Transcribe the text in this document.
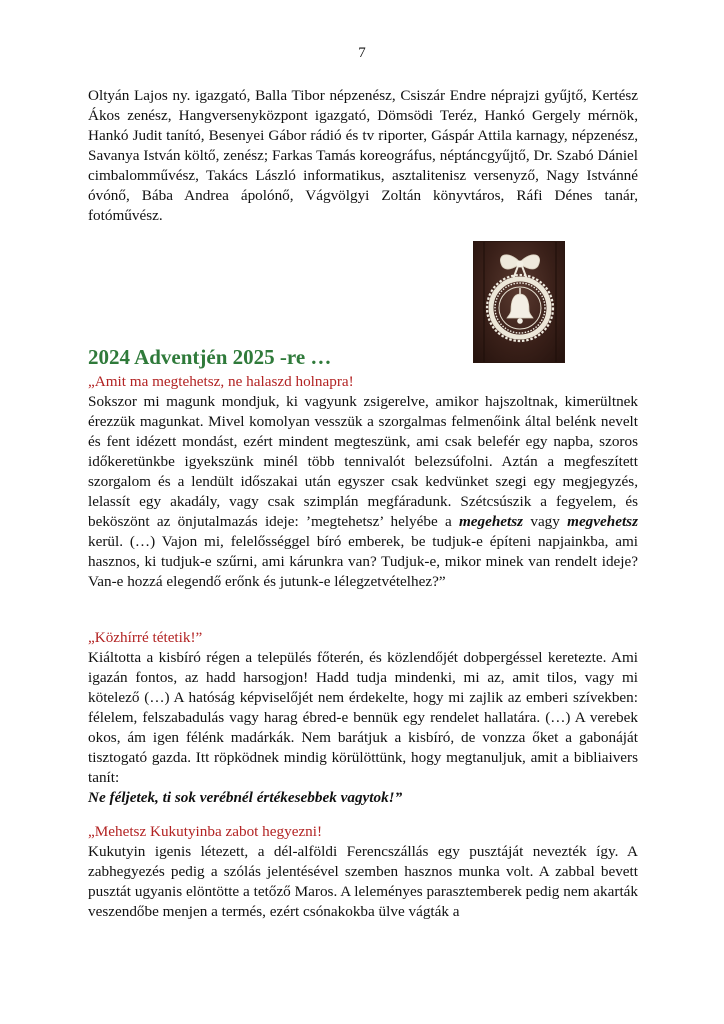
7

Oltyán Lajos ny. igazgató, Balla Tibor népzenész, Csiszár Endre néprajzi gyűjtő, Kertész Ákos zenész, Hangversenyközpont igazgató, Dömsödi Teréz, Hankó Gergely mérnök, Hankó Judit tanító, Besenyei Gábor rádió és tv riporter, Gáspár Attila karnagy, népzenész, Savanya István költő, zenész; Farkas Tamás koreográfus, néptáncgyűjtő, Dr. Szabó Dániel cimbalomművész, Takács László informatikus, asztalitenisz versenyző, Nagy Istvánné óvónő, Bába Andrea ápolónő, Vágvölgyi Zoltán könyvtáros, Ráfi Dénes tanár, fotóművész.

2024 Adventjén 2025 -re …

„Amit ma megtehetsz, ne halaszd holnapra!

Sokszor mi magunk mondjuk, ki vagyunk zsigerelve, amikor hajszoltnak, kimerültnek érezzük magunkat. Mivel komolyan vesszük a szorgalmas felmenőink által belénk nevelt és fent idézett mondást, ezért mindent megteszünk, ami csak belefér egy napba, szoros időkeretünkbe igyekszünk minél több tennivalót belezsúfolni. Aztán a megfeszített szorgalom és a lendült időszakai után egyszer csak kedvünket szegi egy megjegyzés, lelassít egy akadály, vagy csak szimplán megfáradunk. Szétcsúszik a fegyelem, és beköszönt az önjutalmazás ideje: ’megtehetsz’ helyébe a megehetsz vagy megvehetsz kerül. (…) Vajon mi, felelősséggel bíró emberek, be tudjuk-e építeni napjainkba, ami hasznos, ki tudjuk-e szűrni, ami kárunkra van? Tudjuk-e, mikor minek van rendelt ideje? Van-e hozzá elegendő erőnk és jutunk-e lélegzetvételhez?”

„Közhírré tétetik!”

Kiáltotta a kisbíró régen a település főterén, és közlendőjét dobpergéssel keretezte. Ami igazán fontos, az hadd harsogjon! Hadd tudja mindenki, mi az, amit tilos, vagy mi kötelező (…) A hatóság képviselőjét nem érdekelte, hogy mi zajlik az emberi szívekben: félelem, felszabadulás vagy harag ébred-e bennük egy rendelet hallatára. (…) A verebek okos, ám igen félénk madárkák. Nem barátjuk a kisbíró, de vonzza őket a gabonáját tisztogató gazda. Itt röpködnek mindig körülöttünk, hogy megtanuljuk, amit a bibliaivers tanít:

Ne féljetek, ti sok verébnél értékesebbek vagytok!”

„Mehetsz Kukutyinba zabot hegyezni!

Kukutyin igenis létezett, a dél-alföldi Ferencszállás egy pusztáját nevezték így. A zabhegyezés pedig a szólás jelentésével szemben hasznos munka volt. A zabbal bevett pusztát ugyanis elöntötte a tetőző Maros. A leleményes parasztemberek pedig nem akarták veszendőbe menjen a termés, ezért csónakokba ülve vágták a
